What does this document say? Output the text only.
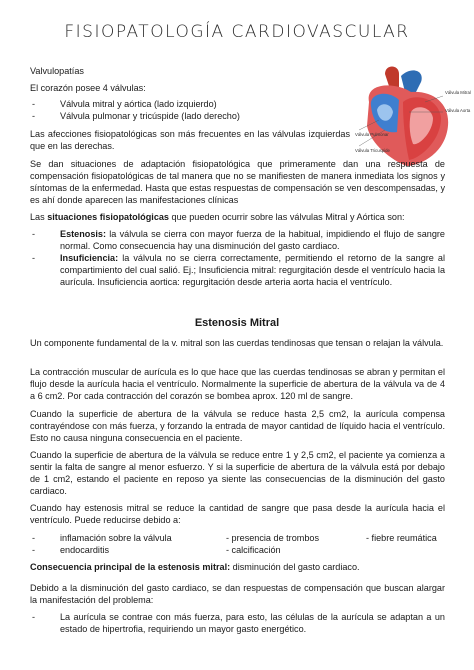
FISIOPATOLOGÍA CARDIOVASCULAR
Válvula Mitral
Válvula Aorta
Válvula Pulmonar
Válvula Tricuspide
Valvulopatías
El corazón posee 4 válvulas:
-	Válvula mitral y aórtica (lado izquierdo)
-	Válvula pulmonar y tricúspide (lado derecho)
Las afecciones fisiopatológicas son más frecuentes en las válvulas izquierdas que en las derechas.
Se dan situaciones de adaptación fisiopatológica que primeramente dan una respuesta de compensación fisiopatológicas de tal manera que no se manifiesten de manera inmediata los signos y síntomas de la enfermedad. Hasta que estas respuestas de compensación se ven descompensadas, y es ahí donde aparecen las manifestaciones clínicas
Las situaciones fisiopatológicas que pueden ocurrir sobre las válvulas Mitral y Aórtica son:
-	Estenosis: la válvula se cierra con mayor fuerza de la habitual, impidiendo el flujo de sangre normal. Como consecuencia hay una disminución del gasto cardiaco.
-	Insuficiencia: la válvula no se cierra correctamente, permitiendo el retorno de la sangre al compartimiento del cual salió. Ej.; Insuficiencia mitral: regurgitación desde el ventrículo hacia la aurícula. Insuficiencia aortica: regurgitación desde arteria aorta hacia el ventrículo.
Estenosis Mitral
Un componente fundamental de la v. mitral son las cuerdas tendinosas que tensan o relajan la válvula.
La contracción muscular de aurícula es lo que hace que las cuerdas tendinosas se abran y permitan el flujo desde la aurícula hacia el ventrículo. Normalmente la superficie de abertura de la válvula va de 4 a 6 cm2. Por cada contracción del corazón se bombea aprox. 120 ml de sangre.
Cuando la superficie de abertura de la válvula se reduce hasta 2,5 cm2, la aurícula compensa contrayéndose con más fuerza, y forzando la entrada de mayor cantidad de líquido hacia el ventrículo. Esto no causa ninguna consecuencia en el paciente.
Cuando la superficie de abertura de la válvula se reduce entre 1 y 2,5 cm2, el paciente ya comienza a sentir la falta de sangre al menor esfuerzo. Y si la superficie de abertura de la válvula está por debajo de 1 cm2, estando el paciente en reposo ya siente las consecuencias de la disminución del gasto cardiaco.
Cuando hay estenosis mitral se reduce la cantidad de sangre que pasa desde la aurícula hacia el ventrículo. Puede reducirse debido a:
-	inflamación sobre la válvula	- presencia de trombos	- fiebre reumática
-	endocarditis	- calcificación
Consecuencia principal de la estenosis mitral: disminución del gasto cardiaco.
Debido a la disminución del gasto cardiaco, se dan respuestas de compensación que buscan alargar la manifestación del problema:
-	La aurícula se contrae con más fuerza, para esto, las células de la aurícula se adaptan a un estado de hipertrofia, requiriendo un mayor gasto energético.
